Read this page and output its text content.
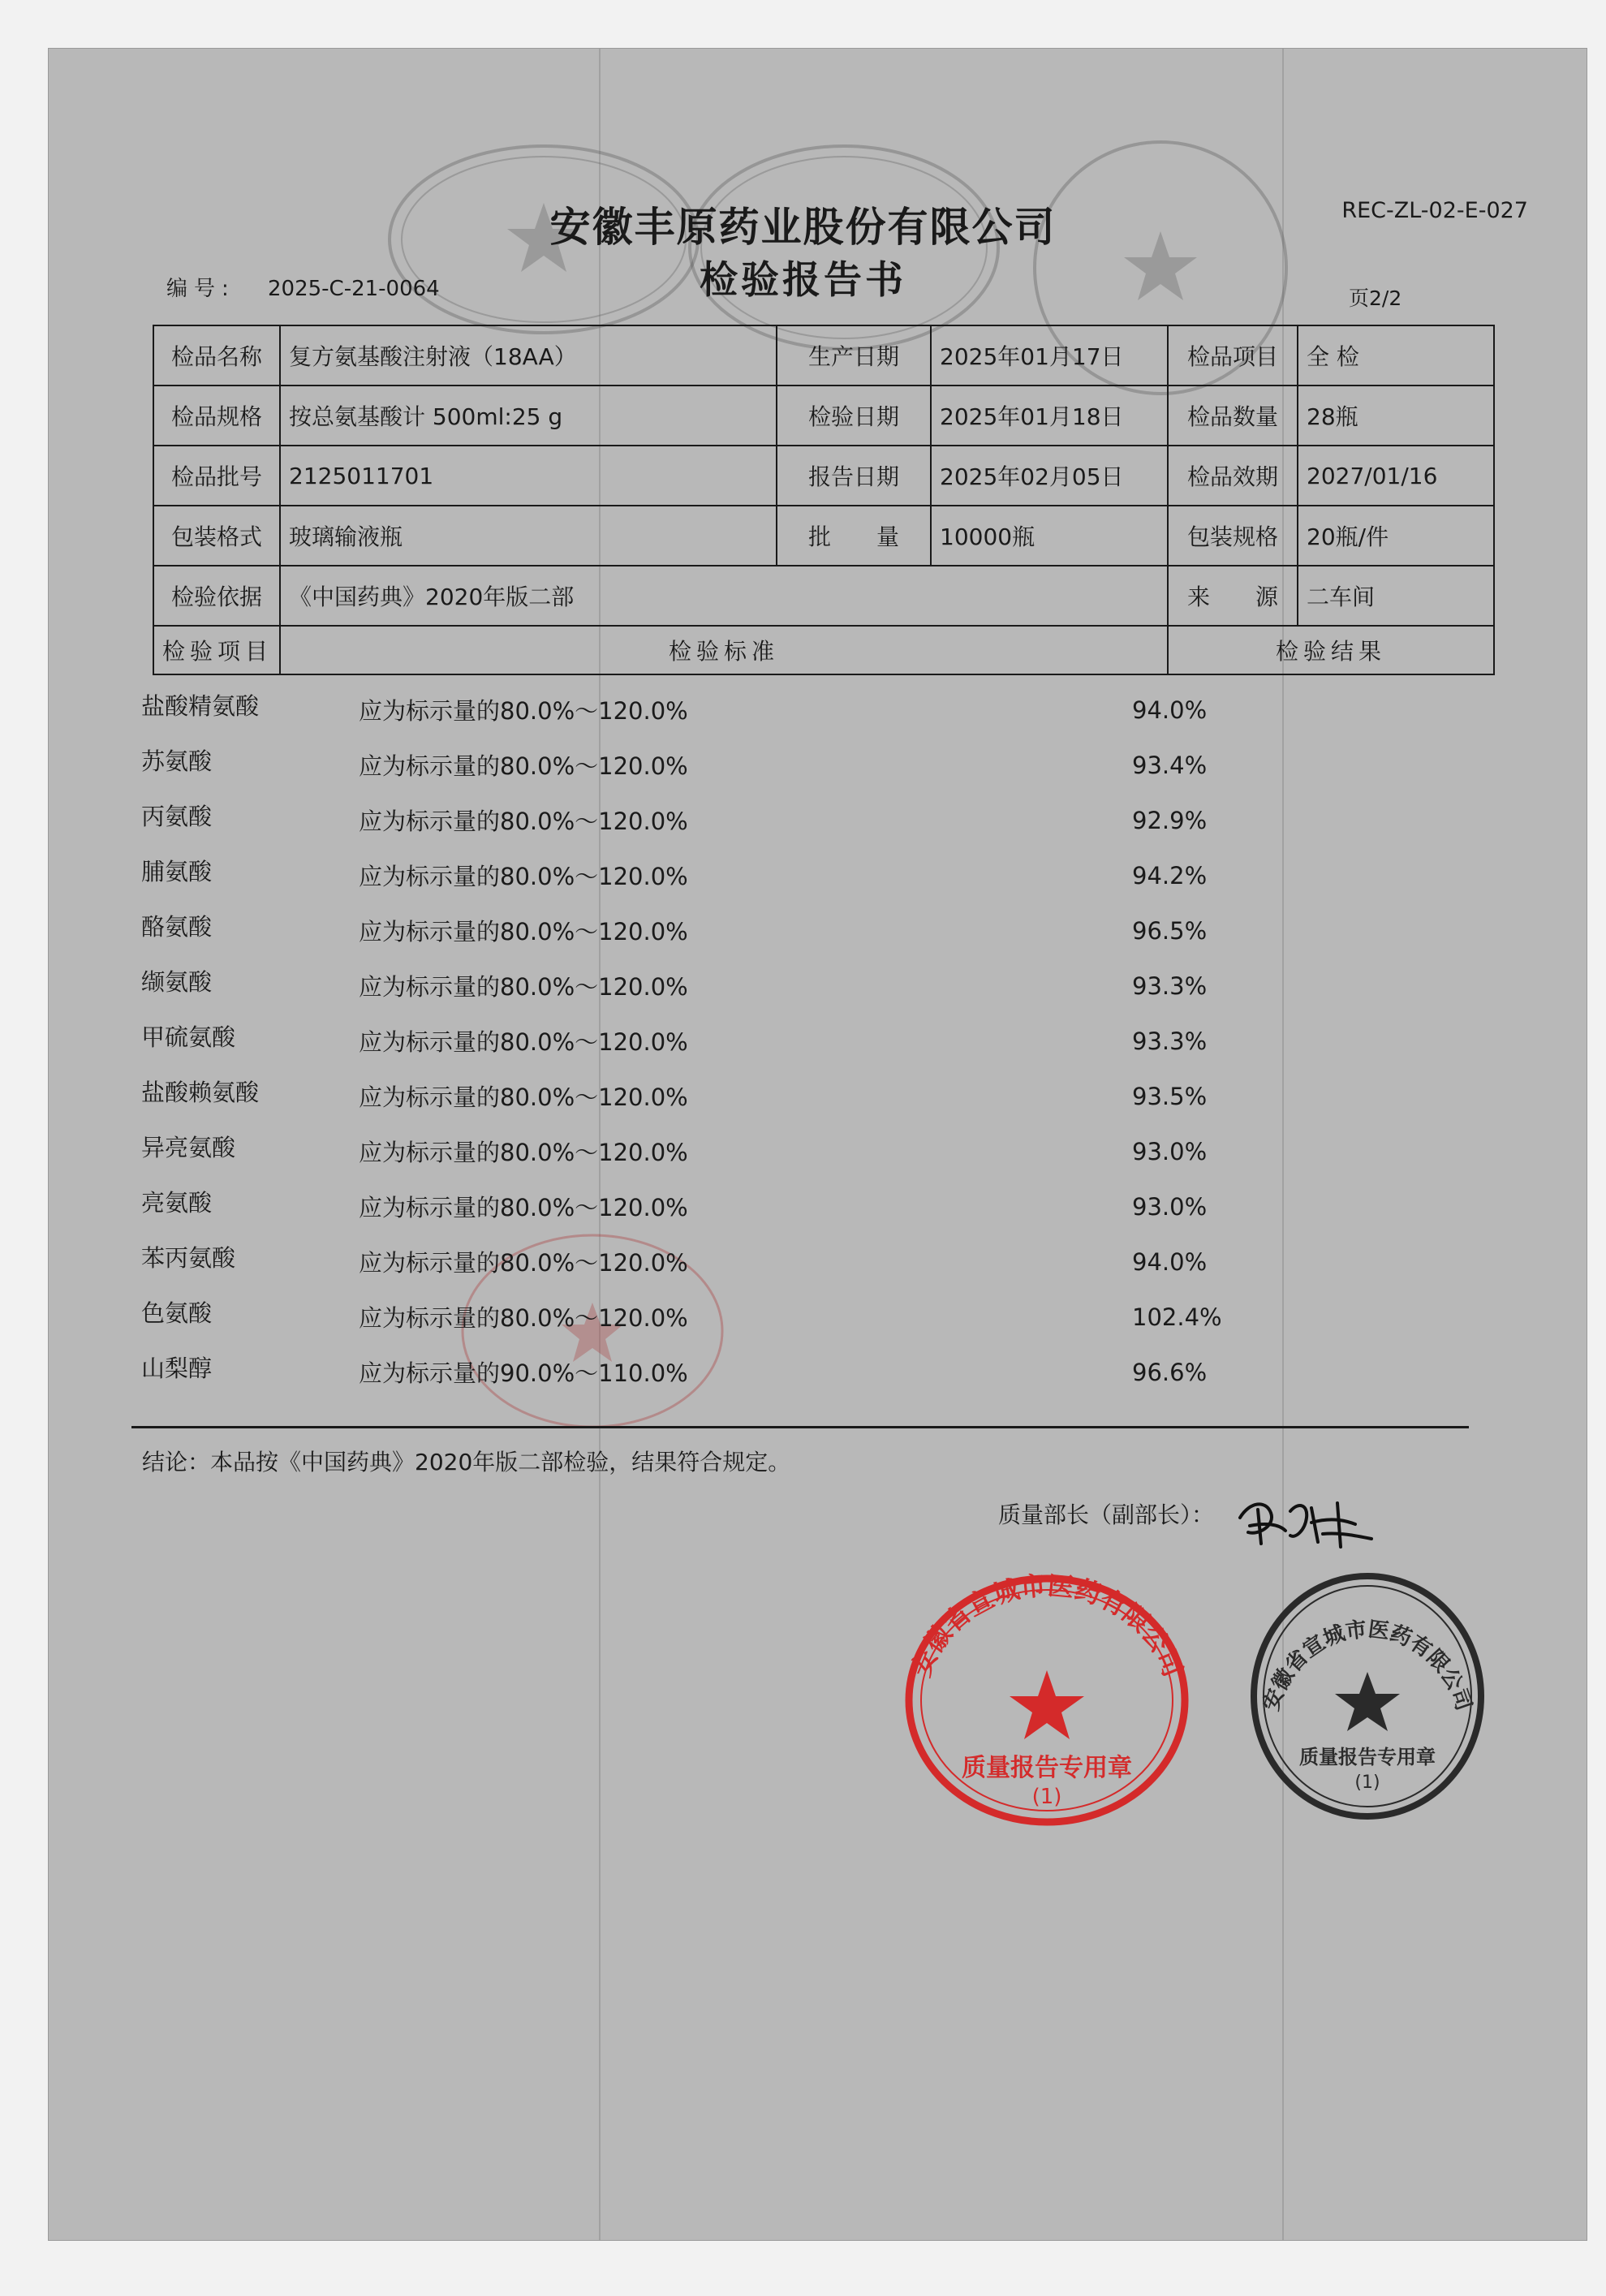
REC-ZL-02-E-027
安徽丰原药业股份有限公司
检验报告书
编号: 2025-C-21-0064	页2/2
检品名称	复方氨基酸注射液（18AA）	生产日期	2025年01月17日	检品项目	全 检
检品规格	按总氨基酸计 500ml:25 g	检验日期	2025年01月18日	检品数量	28瓶
检品批号	2125011701	报告日期	2025年02月05日	检品效期	2027/01/16
包装格式	玻璃输液瓶	批　　量	10000瓶	包装规格	20瓶/件
检验依据	《中国药典》2020年版二部			来　　源	二车间
检验项目	检验标准			检验结果	
盐酸精氨酸	应为标示量的80.0%～120.0%	94.0%
苏氨酸	应为标示量的80.0%～120.0%	93.4%
丙氨酸	应为标示量的80.0%～120.0%	92.9%
脯氨酸	应为标示量的80.0%～120.0%	94.2%
酪氨酸	应为标示量的80.0%～120.0%	96.5%
缬氨酸	应为标示量的80.0%～120.0%	93.3%
甲硫氨酸	应为标示量的80.0%～120.0%	93.3%
盐酸赖氨酸	应为标示量的80.0%～120.0%	93.5%
异亮氨酸	应为标示量的80.0%～120.0%	93.0%
亮氨酸	应为标示量的80.0%～120.0%	93.0%
苯丙氨酸	应为标示量的80.0%～120.0%	94.0%
色氨酸	应为标示量的80.0%～120.0%	102.4%
山梨醇	应为标示量的90.0%～110.0%	96.6%
结论：本品按《中国药典》2020年版二部检验，结果符合规定。
质量部长（副部长）：
安徽省宣城市医药有限公司
质量报告专用章
(1)
安徽省宣城市医药有限公司
质量报告专用章
(1)
